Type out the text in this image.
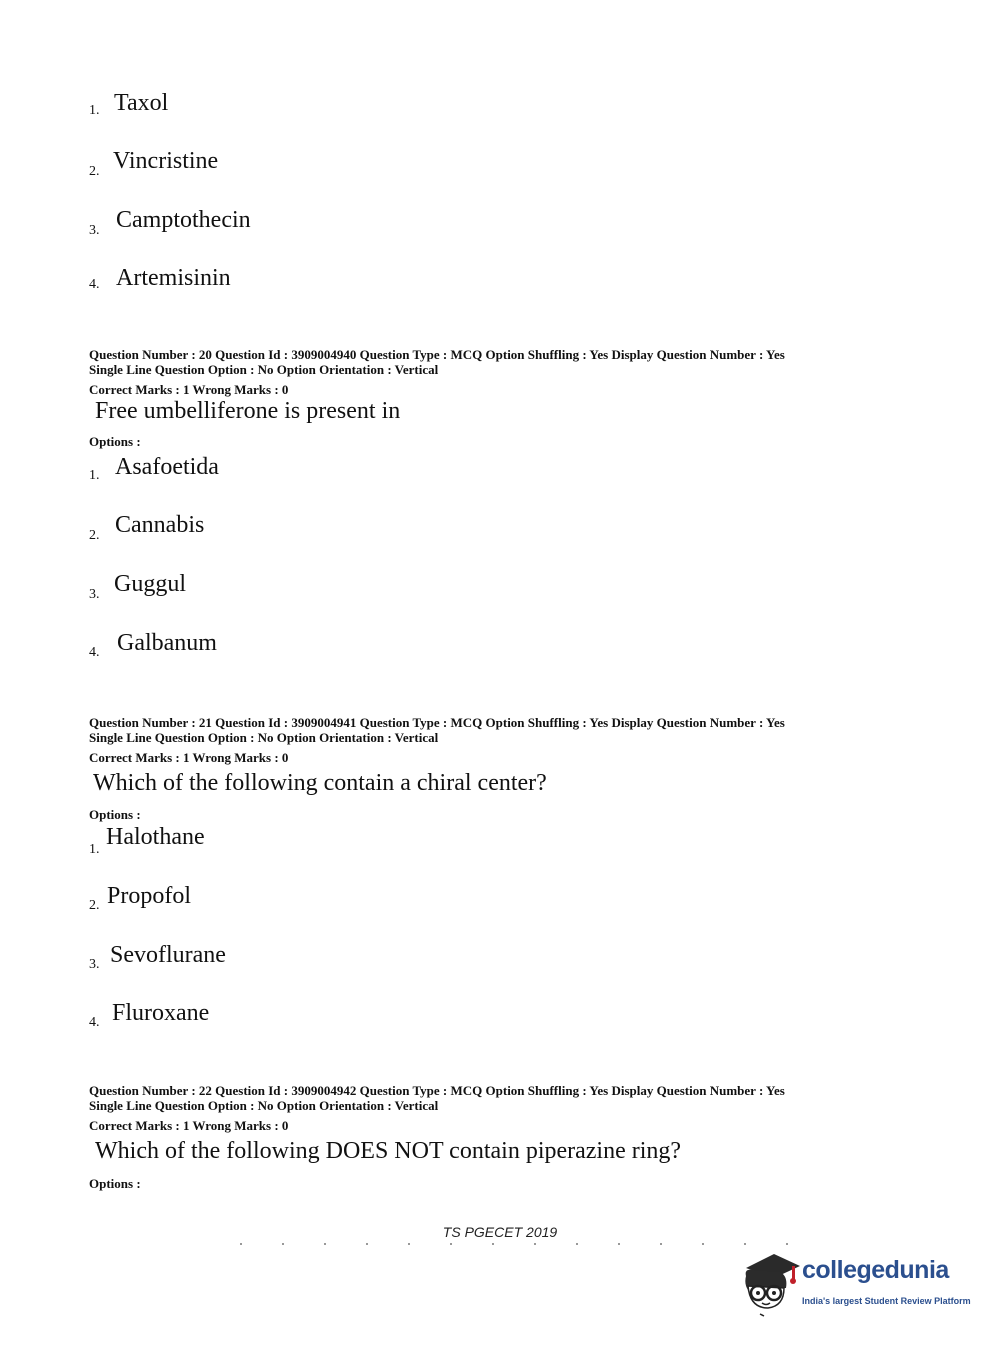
1. Taxol
2. Vincristine
3. Camptothecin
4. Artemisinin
Question Number : 20 Question Id : 3909004940 Question Type : MCQ Option Shuffling : Yes Display Question Number : Yes
Single Line Question Option : No Option Orientation : Vertical
Correct Marks : 1 Wrong Marks : 0
Free umbelliferone is present in
Options :
1. Asafoetida
2. Cannabis
3. Guggul
4. Galbanum
Question Number : 21 Question Id : 3909004941 Question Type : MCQ Option Shuffling : Yes Display Question Number : Yes
Single Line Question Option : No Option Orientation : Vertical
Correct Marks : 1 Wrong Marks : 0
Which of the following contain a chiral center?
Options :
1. Halothane
2. Propofol
3. Sevoflurane
4. Fluroxane
Question Number : 22 Question Id : 3909004942 Question Type : MCQ Option Shuffling : Yes Display Question Number : Yes
Single Line Question Option : No Option Orientation : Vertical
Correct Marks : 1 Wrong Marks : 0
Which of the following DOES NOT contain piperazine ring?
Options :
TS PGECET 2019
collegedunia
India's largest Student Review Platform
